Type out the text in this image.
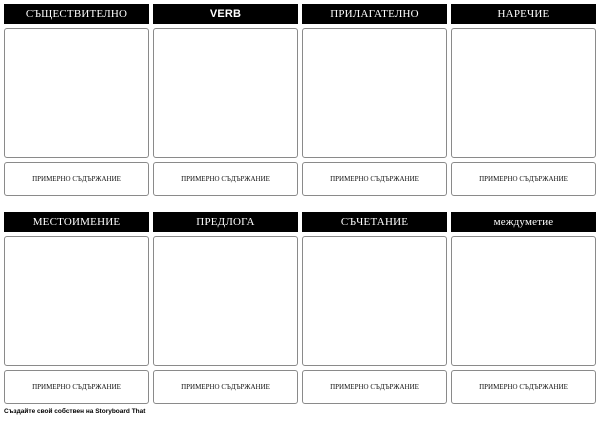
СЪЩЕСТВИТЕЛНО
ПРИМЕРНО СЪДЪРЖАНИЕ
VERB
ПРИМЕРНО СЪДЪРЖАНИЕ
ПРИЛАГАТЕЛНО
ПРИМЕРНО СЪДЪРЖАНИЕ
НАРЕЧИЕ
ПРИМЕРНО СЪДЪРЖАНИЕ
МЕСТОИМЕНИЕ
ПРИМЕРНО СЪДЪРЖАНИЕ
ПРЕДЛОГА
ПРИМЕРНО СЪДЪРЖАНИЕ
СЪЧЕТАНИЕ
ПРИМЕРНО СЪДЪРЖАНИЕ
междуметие
ПРИМЕРНО СЪДЪРЖАНИЕ
Създайте свой собствен на Storyboard That
